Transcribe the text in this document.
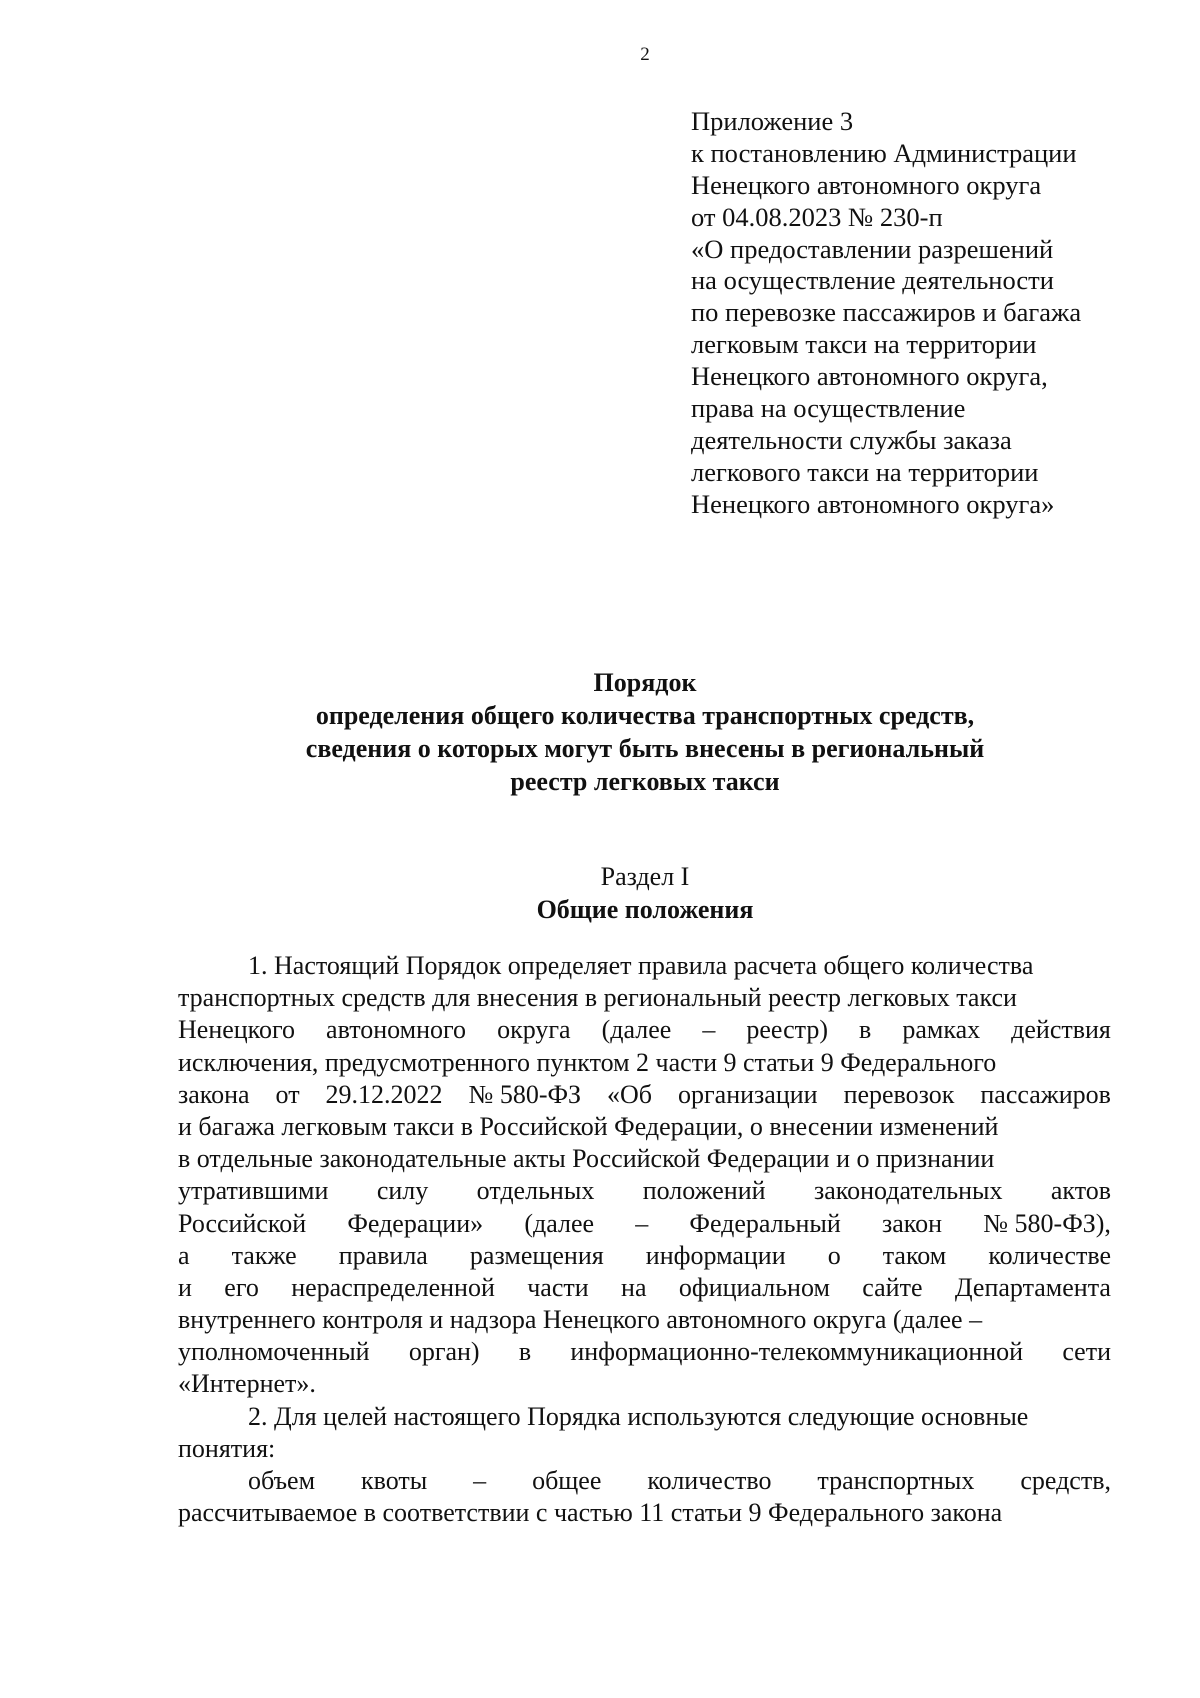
2
Приложение 3
к постановлению Администрации
Ненецкого автономного округа
от 04.08.2023 № 230-п
«О предоставлении разрешений
на осуществление деятельности
по перевозке пассажиров и багажа
легковым такси на территории
Ненецкого автономного округа,
права на осуществление
деятельности службы заказа
легкового такси на территории
Ненецкого автономного округа»
Порядок
определения общего количества транспортных средств,
сведения о которых могут быть внесены в региональный
реестр легковых такси
Раздел I
Общие положения
1. Настоящий Порядок определяет правила расчета общего количества
транспортных средств для внесения в региональный реестр легковых такси
Ненецкого автономного округа (далее – реестр) в рамках действия
исключения, предусмотренного пунктом 2 части 9 статьи 9 Федерального
закона от 29.12.2022 № 580-ФЗ «Об организации перевозок пассажиров
и багажа легковым такси в Российской Федерации, о внесении изменений
в отдельные законодательные акты Российской Федерации и о признании
утратившими силу отдельных положений законодательных актов
Российской Федерации» (далее – Федеральный закон № 580-ФЗ),
а также правила размещения информации о таком количестве
и его нераспределенной части на официальном сайте Департамента
внутреннего контроля и надзора Ненецкого автономного округа (далее –
уполномоченный орган) в информационно-телекоммуникационной сети
«Интернет».
2. Для целей настоящего Порядка используются следующие основные
понятия:
объем квоты – общее количество транспортных средств,
рассчитываемое в соответствии с частью 11 статьи 9 Федерального закона
